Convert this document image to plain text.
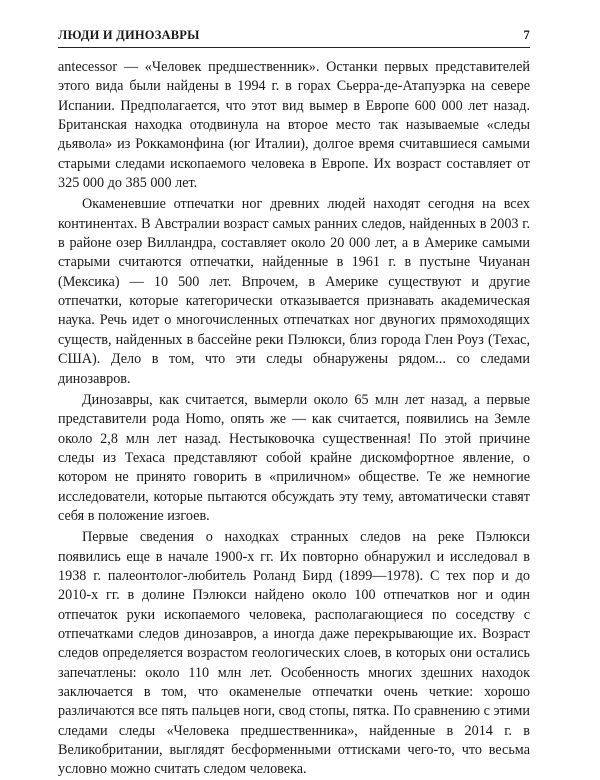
ЛЮДИ И ДИНОЗАВРЫ	7

antecessor — «Человек предшественник». Останки первых представителей этого вида были найдены в 1994 г. в горах Сьерра-де-Атапуэрка на севере Испании. Предполагается, что этот вид вымер в Европе 600 000 лет назад. Британская находка отодвинула на второе место так называемые «следы дьявола» из Роккамонфина (юг Италии), долгое время считавшиеся самыми старыми следами ископаемого человека в Европе. Их возраст составляет от 325 000 до 385 000 лет.

Окаменевшие отпечатки ног древних людей находят сегодня на всех континентах. В Австралии возраст самых ранних следов, найденных в 2003 г. в районе озер Вилландра, составляет около 20 000 лет, а в Америке самыми старыми считаются отпечатки, найденные в 1961 г. в пустыне Чиуанан (Мексика) — 10 500 лет. Впрочем, в Америке существуют и другие отпечатки, которые категорически отказывается признавать академическая наука. Речь идет о многочисленных отпечатках ног двуногих прямоходящих существ, найденных в бассейне реки Пэлюкси, близ города Глен Роуз (Техас, США). Дело в том, что эти следы обнаружены рядом... со следами динозавров.

Динозавры, как считается, вымерли около 65 млн лет назад, а первые представители рода Homo, опять же — как считается, появились на Земле около 2,8 млн лет назад. Нестыковочка существенная! По этой причине следы из Техаса представляют собой крайне дискомфортное явление, о котором не принято говорить в «приличном» обществе. Те же немногие исследователи, которые пытаются обсуждать эту тему, автоматически ставят себя в положение изгоев.

Первые сведения о находках странных следов на реке Пэлюкси появились еще в начале 1900-х гг. Их повторно обнаружил и исследовал в 1938 г. палеонтолог-любитель Роланд Бирд (1899—1978). С тех пор и до 2010-х гг. в долине Пэлюкси найдено около 100 отпечатков ног и один отпечаток руки ископаемого человека, располагающиеся по соседству с отпечатками следов динозавров, а иногда даже перекрывающие их. Возраст следов определяется возрастом геологических слоев, в которых они остались запечатлены: около 110 млн лет. Особенность многих здешних находок заключается в том, что окаменелые отпечатки очень четкие: хорошо различаются все пять пальцев ноги, свод стопы, пятка. По сравнению с этими следами следы «Человека предшественника», найденные в 2014 г. в Великобритании, выглядят бесформенными оттисками чего-то, что весьма условно можно считать следом человека.
